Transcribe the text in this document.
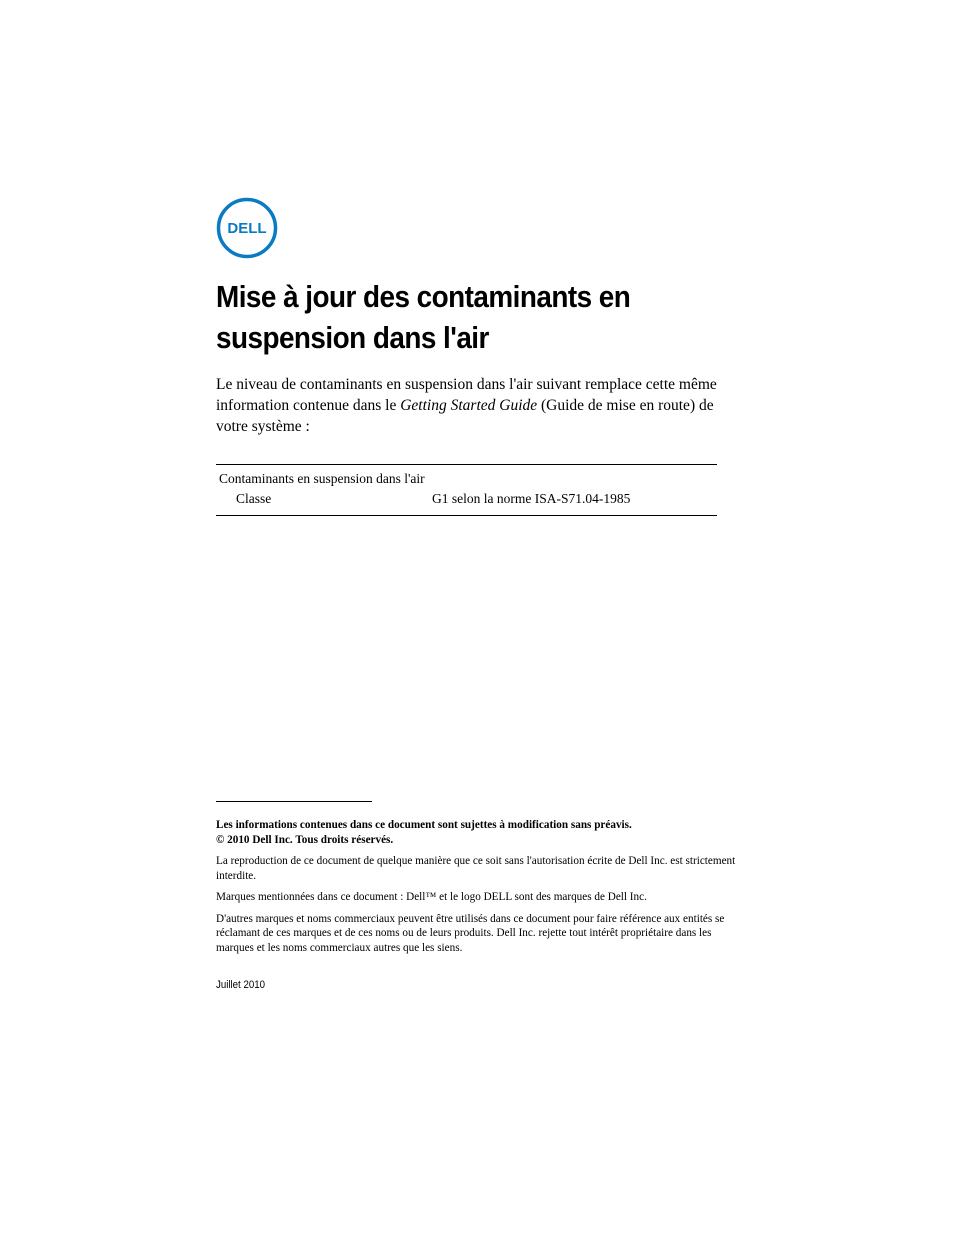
DELL
Mise à jour des contaminants en
suspension dans l'air

Le niveau de contaminants en suspension dans l'air suivant remplace cette même information contenue dans le Getting Started Guide (Guide de mise en route) de votre système :

Contaminants en suspension dans l'air
Classe	G1 selon la norme ISA-S71.04-1985

Les informations contenues dans ce document sont sujettes à modification sans préavis.
© 2010 Dell Inc. Tous droits réservés.

La reproduction de ce document de quelque manière que ce soit sans l'autorisation écrite de Dell Inc. est strictement interdite.

Marques mentionnées dans ce document : Dell™ et le logo DELL sont des marques de Dell Inc.

D'autres marques et noms commerciaux peuvent être utilisés dans ce document pour faire référence aux entités se réclamant de ces marques et de ces noms ou de leurs produits. Dell Inc. rejette tout intérêt propriétaire dans les marques et les noms commerciaux autres que les siens.

Juillet 2010
